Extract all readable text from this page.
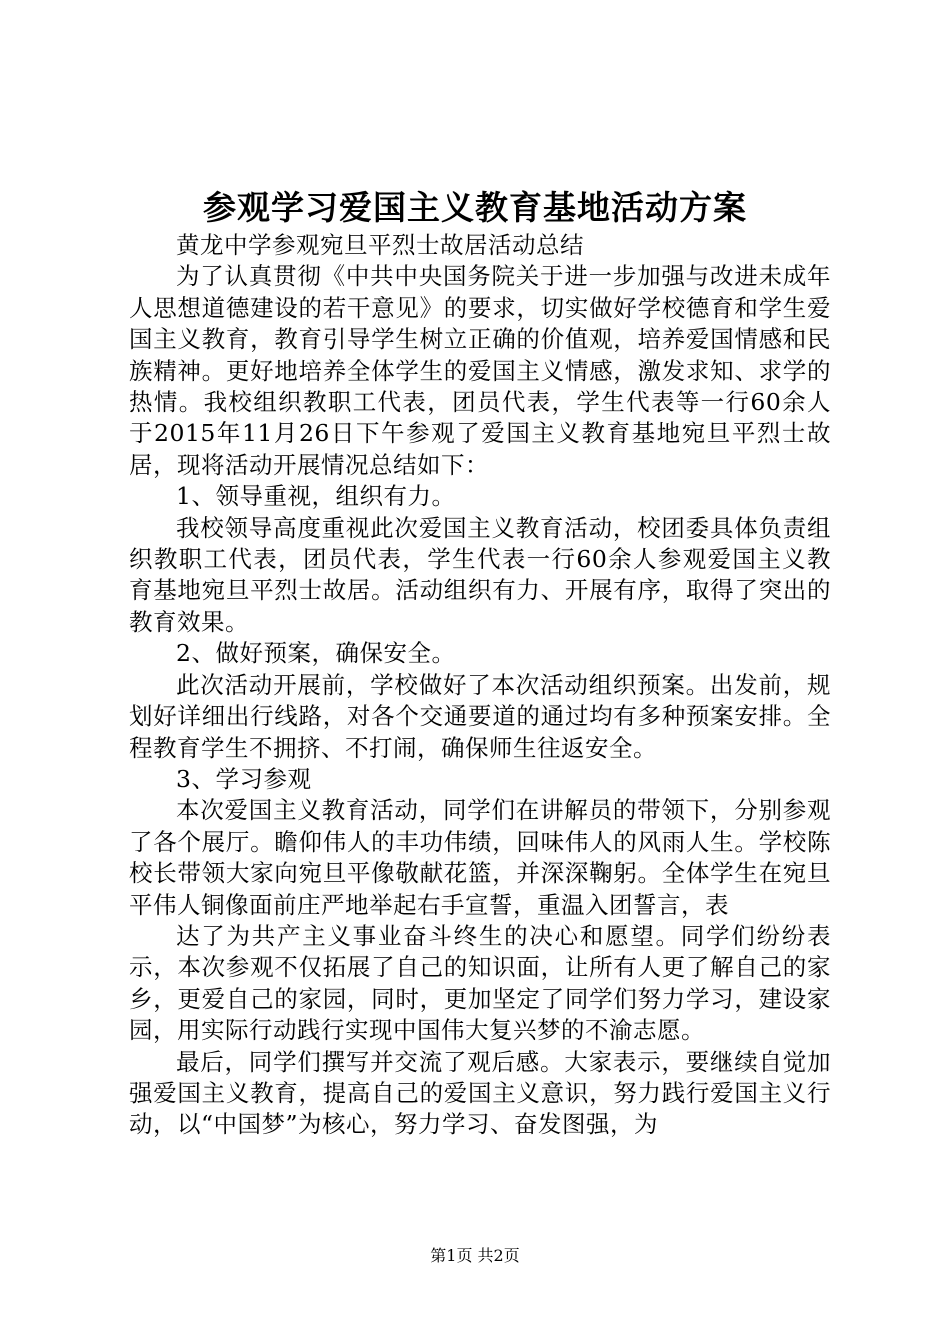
参观学习爱国主义教育基地活动方案

黄龙中学参观宛旦平烈士故居活动总结

为了认真贯彻《中共中央国务院关于进一步加强与改进未成年人思想道德建设的若干意见》的要求，切实做好学校德育和学生爱国主义教育，教育引导学生树立正确的价值观，培养爱国情感和民族精神。更好地培养全体学生的爱国主义情感，激发求知、求学的热情。我校组织教职工代表，团员代表，学生代表等一行60余人于2015年11月26日下午参观了爱国主义教育基地宛旦平烈士故居，现将活动开展情况总结如下：

1、领导重视，组织有力。

我校领导高度重视此次爱国主义教育活动，校团委具体负责组织教职工代表，团员代表，学生代表一行60余人参观爱国主义教育基地宛旦平烈士故居。活动组织有力、开展有序，取得了突出的教育效果。

2、做好预案，确保安全。

此次活动开展前，学校做好了本次活动组织预案。出发前，规划好详细出行线路，对各个交通要道的通过均有多种预案安排。全程教育学生不拥挤、不打闹，确保师生往返安全。

3、学习参观

本次爱国主义教育活动，同学们在讲解员的带领下，分别参观了各个展厅。瞻仰伟人的丰功伟绩，回味伟人的风雨人生。学校陈校长带领大家向宛旦平像敬献花篮，并深深鞠躬。全体学生在宛旦平伟人铜像面前庄严地举起右手宣誓，重温入团誓言，表

达了为共产主义事业奋斗终生的决心和愿望。同学们纷纷表示，本次参观不仅拓展了自己的知识面，让所有人更了解自己的家乡，更爱自己的家园，同时，更加坚定了同学们努力学习，建设家园，用实际行动践行实现中国伟大复兴梦的不渝志愿。

最后，同学们撰写并交流了观后感。大家表示，要继续自觉加强爱国主义教育，提高自己的爱国主义意识，努力践行爱国主义行动，以“中国梦”为核心，努力学习、奋发图强，为

第1页 共2页
